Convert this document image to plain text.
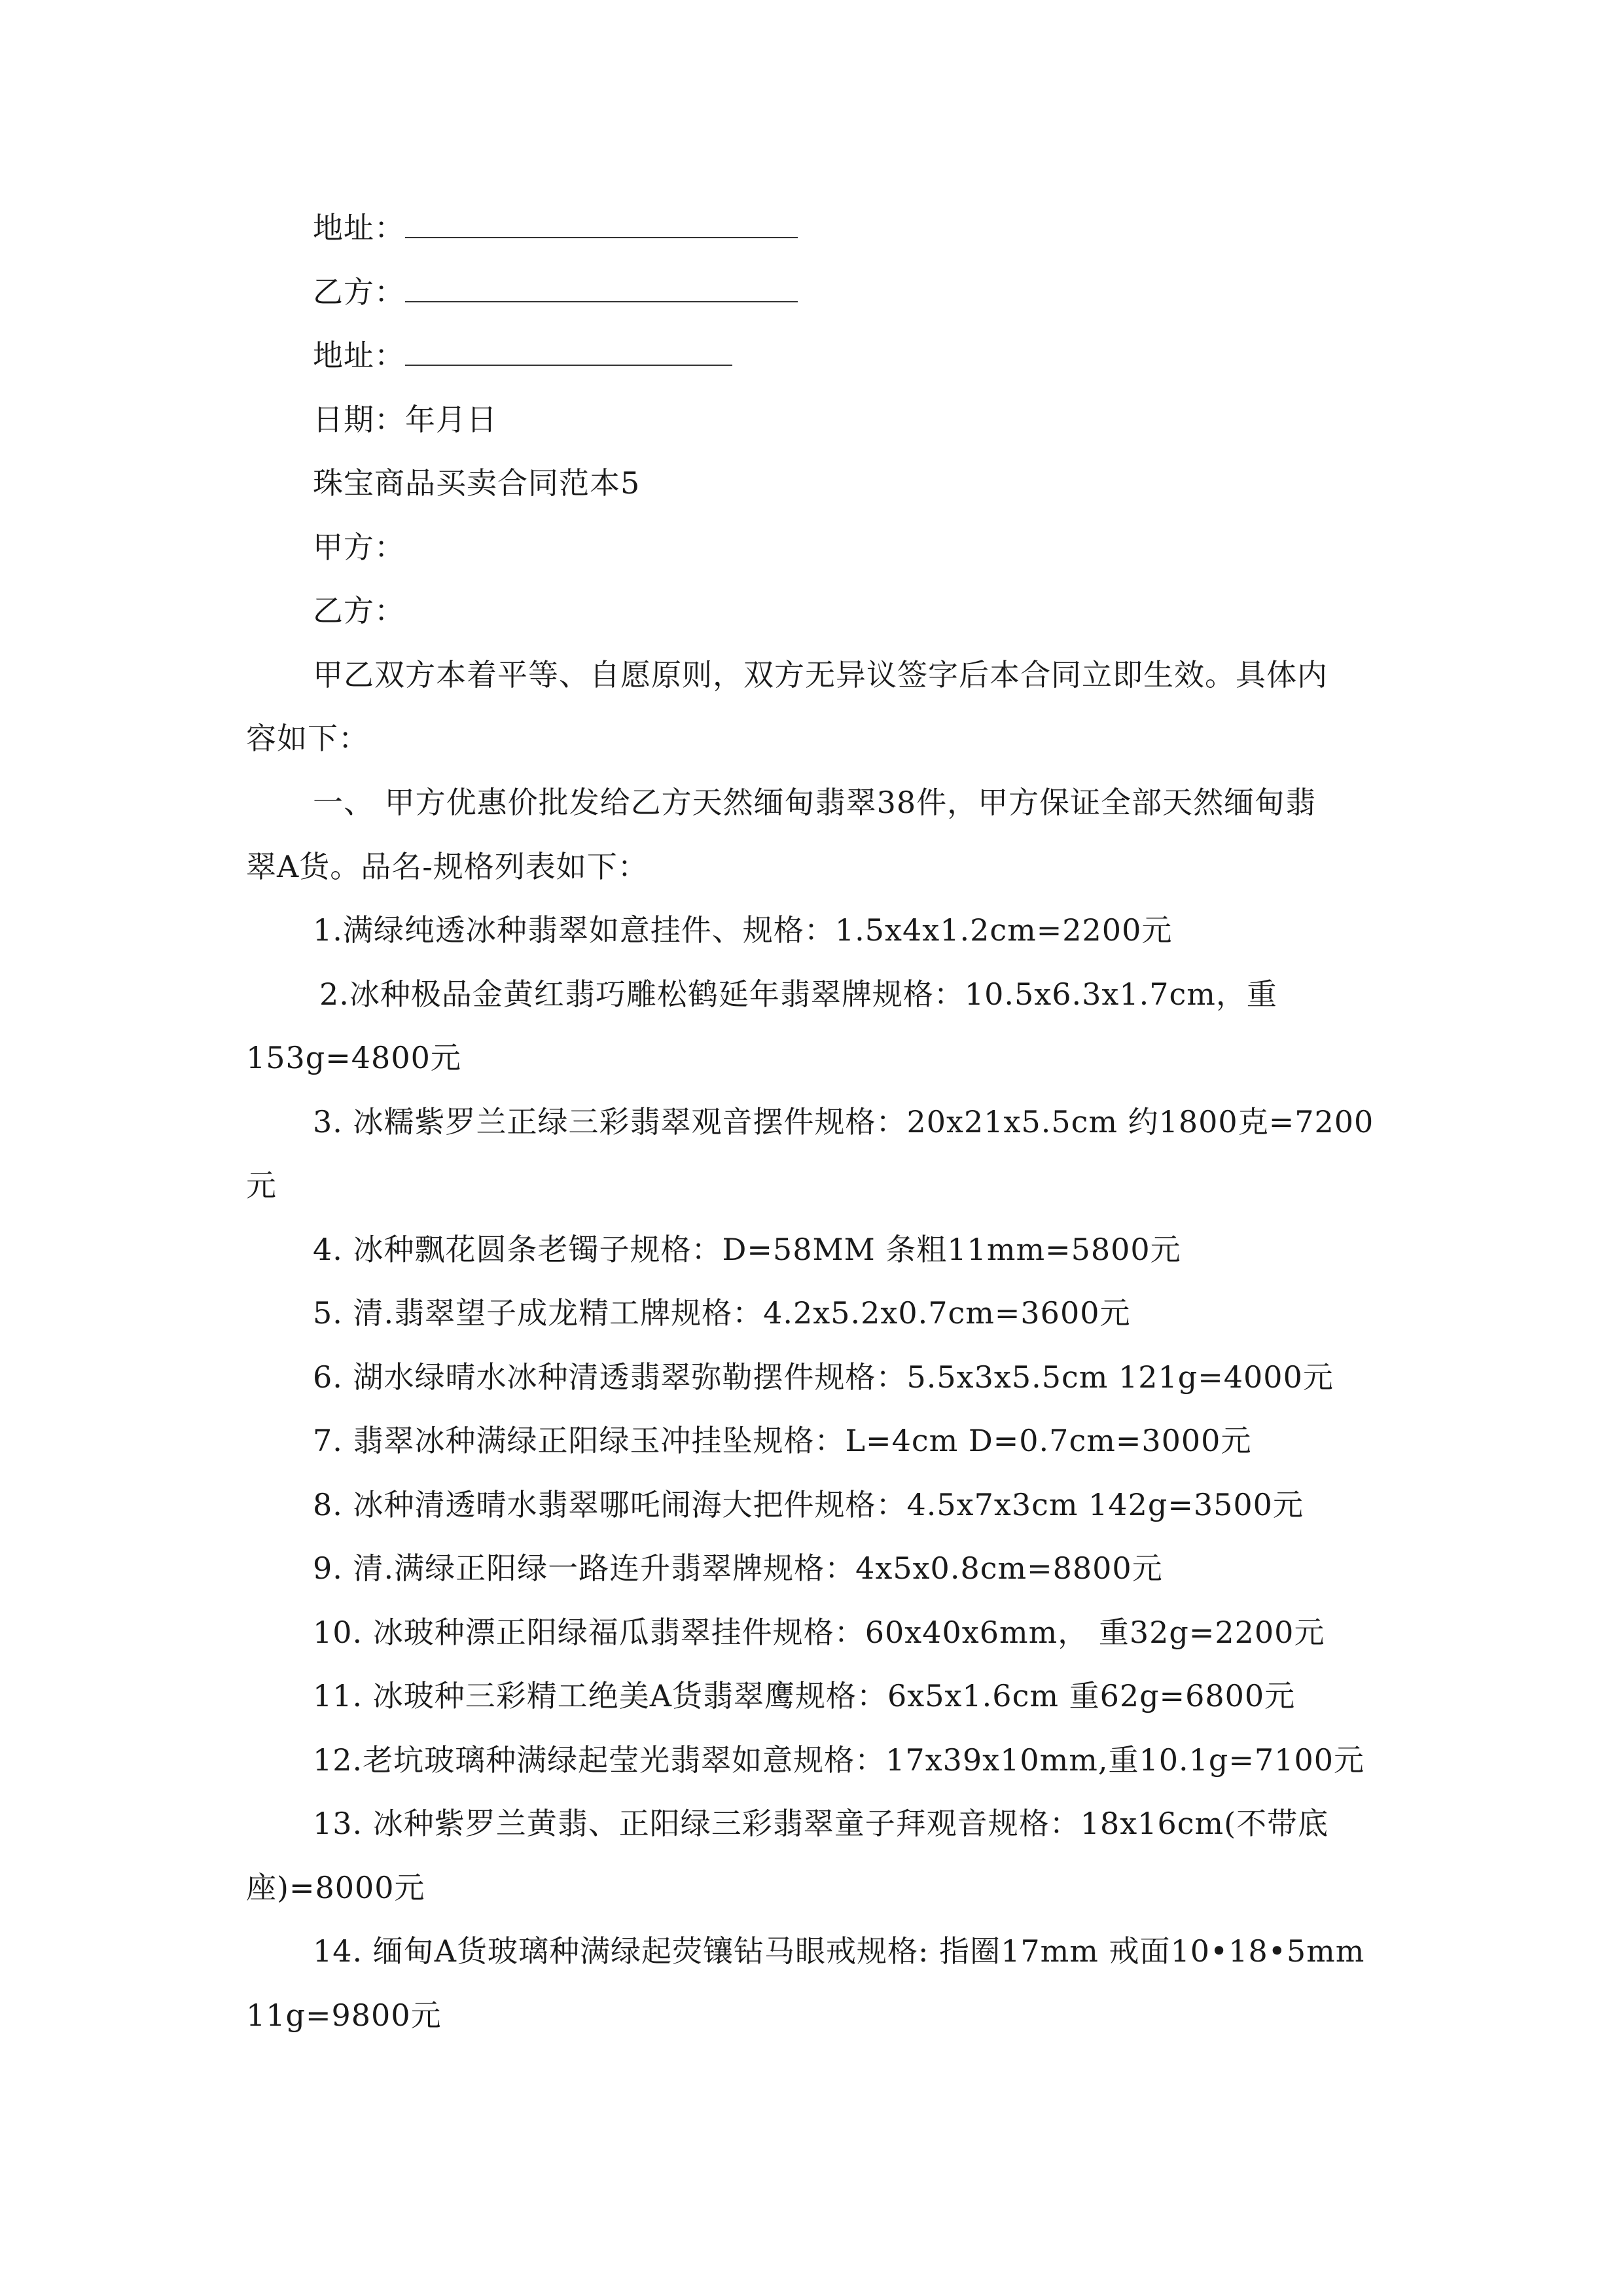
地址：
乙方：
地址：
日期：年月日
珠宝商品买卖合同范本5
甲方：
乙方：
甲乙双方本着平等、自愿原则，双方无异议签字后本合同立即生效。具体内
容如下：
一、 甲方优惠价批发给乙方天然缅甸翡翠38件，甲方保证全部天然缅甸翡
翠A货。品名-规格列表如下：
1.满绿纯透冰种翡翠如意挂件、规格：1.5x4x1.2cm=2200元
2.冰种极品金黄红翡巧雕松鹤延年翡翠牌规格：10.5x6.3x1.7cm，重
153g=4800元
3. 冰糯紫罗兰正绿三彩翡翠观音摆件规格：20x21x5.5cm 约1800克=7200
元
4. 冰种飘花圆条老镯子规格：D=58MM 条粗11mm=5800元
5. 清.翡翠望子成龙精工牌规格：4.2x5.2x0.7cm=3600元
6. 湖水绿晴水冰种清透翡翠弥勒摆件规格：5.5x3x5.5cm 121g=4000元
7. 翡翠冰种满绿正阳绿玉冲挂坠规格：L=4cm D=0.7cm=3000元
8. 冰种清透晴水翡翠哪吒闹海大把件规格：4.5x7x3cm 142g=3500元
9. 清.满绿正阳绿一路连升翡翠牌规格：4x5x0.8cm=8800元
10. 冰玻种漂正阳绿福瓜翡翠挂件规格：60x40x6mm， 重32g=2200元
11. 冰玻种三彩精工绝美A货翡翠鹰规格：6x5x1.6cm 重62g=6800元
12.老坑玻璃种满绿起莹光翡翠如意规格：17x39x10mm,重10.1g=7100元
13. 冰种紫罗兰黄翡、正阳绿三彩翡翠童子拜观音规格：18x16cm(不带底
座)=8000元
14. 缅甸A货玻璃种满绿起荧镶钻马眼戒规格: 指圈17mm 戒面10•18•5mm
11g=9800元
